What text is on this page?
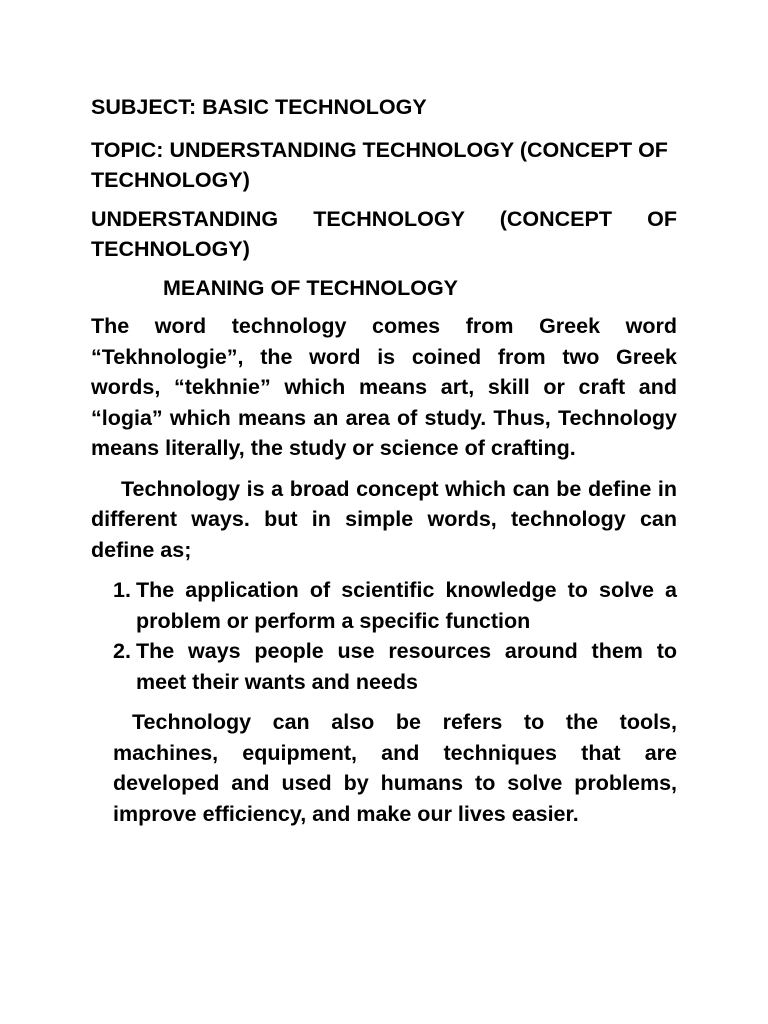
SUBJECT: BASIC TECHNOLOGY
TOPIC: UNDERSTANDING TECHNOLOGY (CONCEPT OF TECHNOLOGY)
UNDERSTANDING TECHNOLOGY (CONCEPT OF TECHNOLOGY)
MEANING OF TECHNOLOGY

The word technology comes from Greek word “Tekhnologie”, the word is coined from two Greek words, “tekhnie” which means art, skill or craft and “logia” which means an area of study. Thus, Technology means literally, the study or science of crafting.

Technology is a broad concept which can be define in different ways. but in simple words, technology can define as;

1. The application of scientific knowledge to solve a problem or perform a specific function
2. The ways people use resources around them to meet their wants and needs

Technology can also be refers to the tools, machines, equipment, and techniques that are developed and used by humans to solve problems, improve efficiency, and make our lives easier.
